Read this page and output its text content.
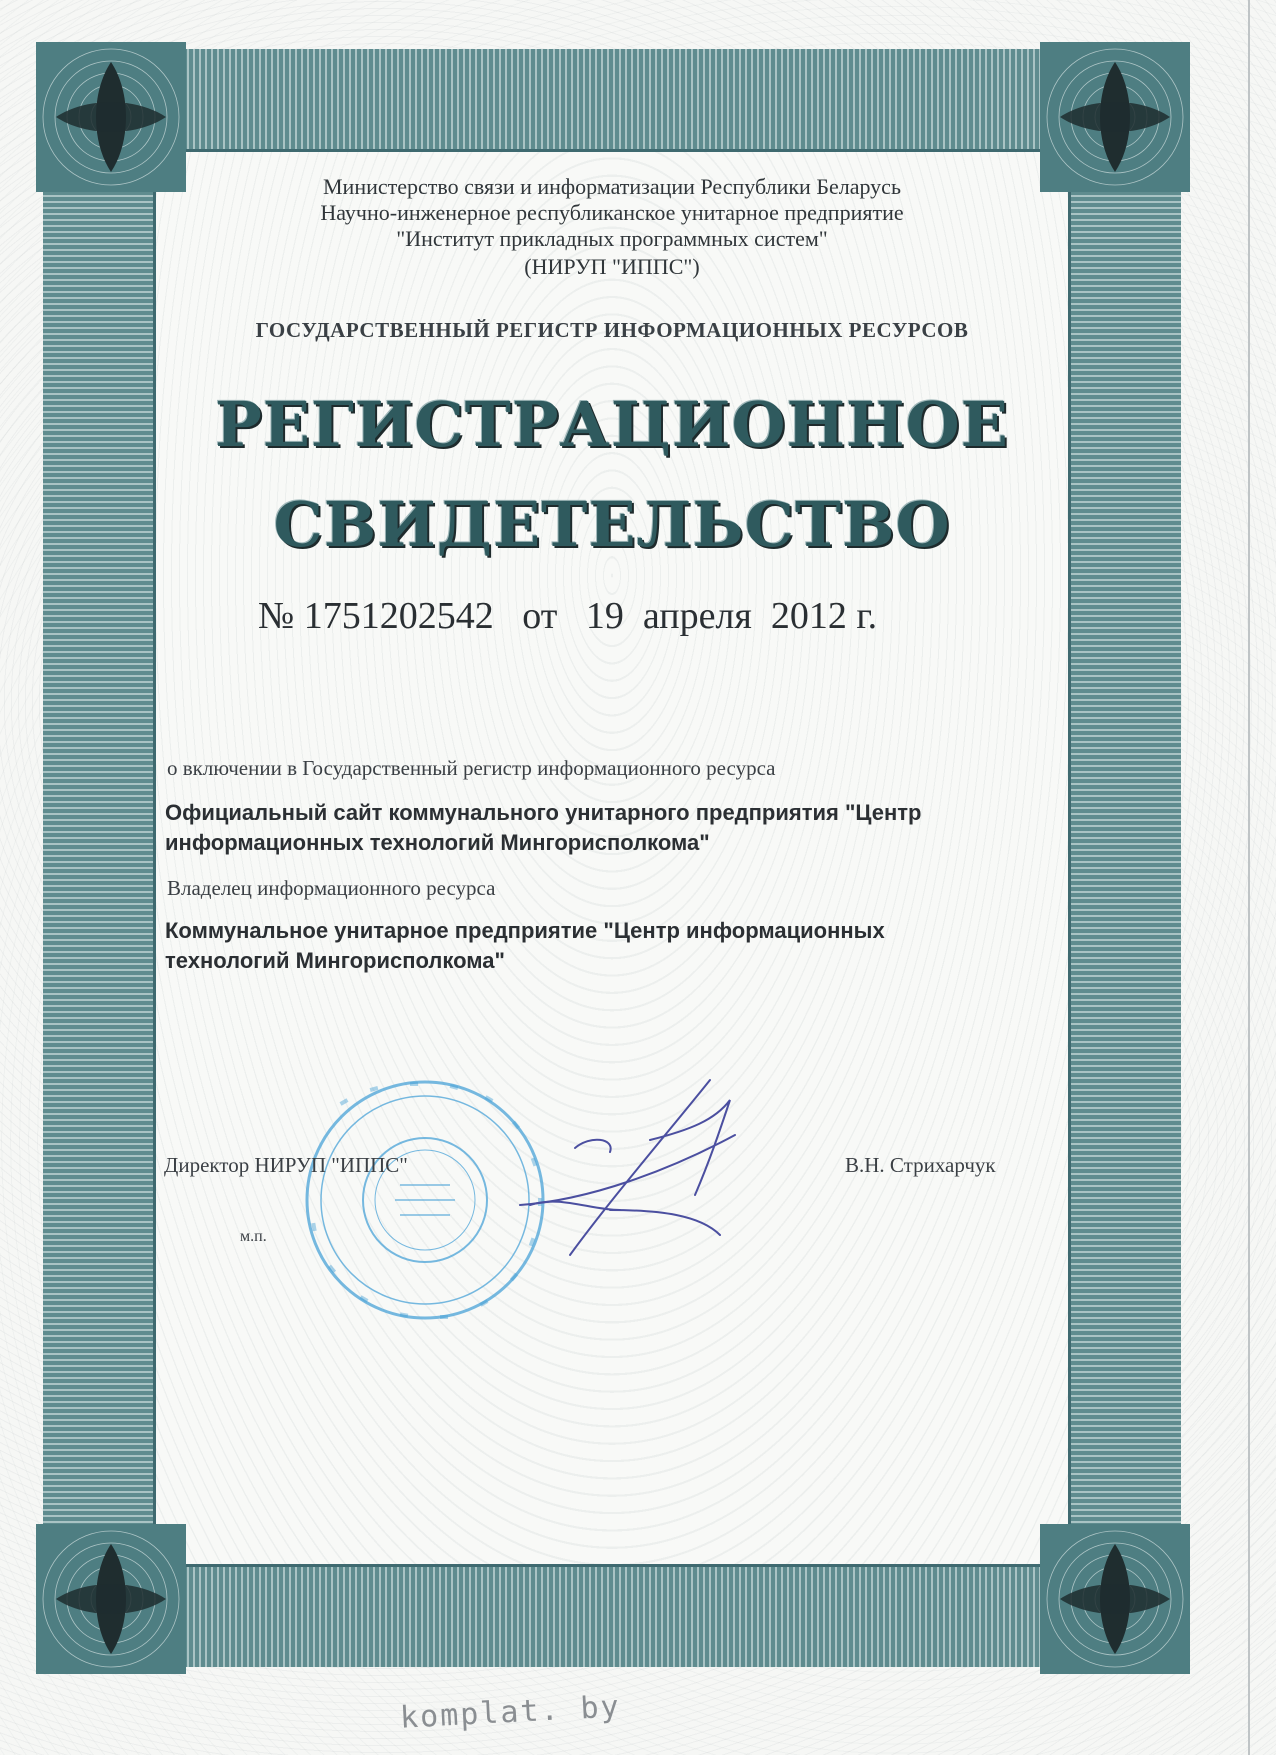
Министерство связи и информатизации Республики Беларусь
Научно-инженерное республиканское унитарное предприятие
"Институт прикладных программных систем"
(НИРУП "ИППС")
ГОСУДАРСТВЕННЫЙ РЕГИСТР ИНФОРМАЦИОННЫХ РЕСУРСОВ
РЕГИСТРАЦИОННОЕ
СВИДЕТЕЛЬСТВО
№ 1751202542   от   19  апреля  2012 г.
о включении в Государственный регистр информационного ресурса
Официальный сайт коммунального унитарного предприятия "Центр
информационных технологий Мингорисполкома"
Владелец информационного ресурса
Коммунальное унитарное предприятие "Центр информационных
технологий Мингорисполкома"
Директор НИРУП "ИППС"	В.Н. Стрихарчук
м.п.
komplat. by
